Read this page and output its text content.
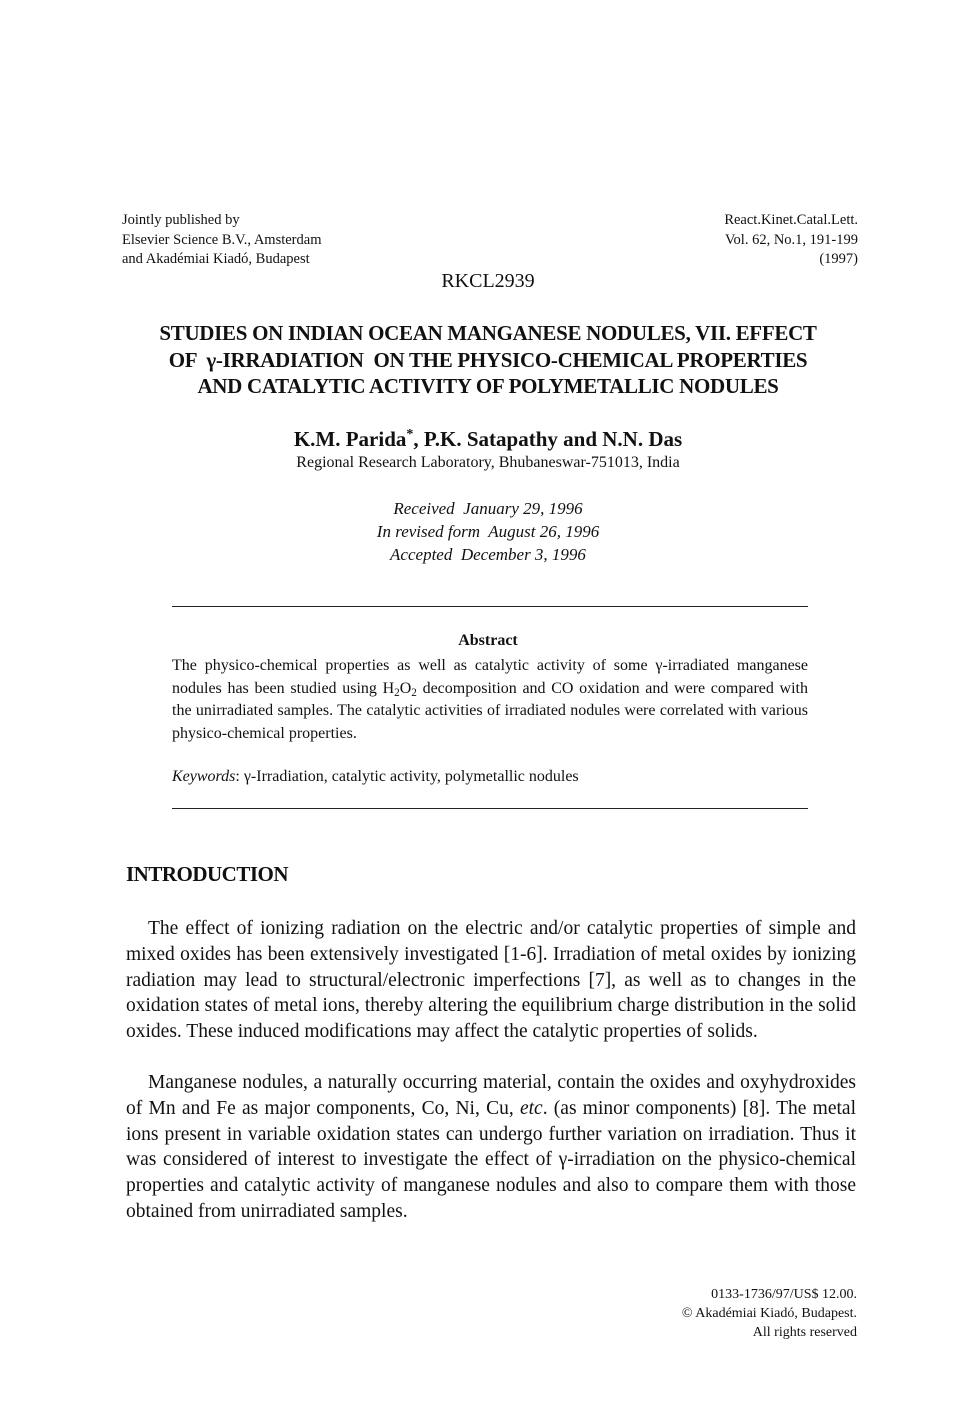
Jointly published by
Elsevier Science B.V., Amsterdam
and Akadémiai Kiadó, Budapest
React.Kinet.Catal.Lett.
Vol. 62, No.1, 191-199
(1997)
RKCL2939
STUDIES ON INDIAN OCEAN MANGANESE NODULES, VII. EFFECT
OF  γ-IRRADIATION  ON THE PHYSICO-CHEMICAL PROPERTIES
AND CATALYTIC ACTIVITY OF POLYMETALLIC NODULES
K.M. Parida*, P.K. Satapathy and N.N. Das
Regional Research Laboratory, Bhubaneswar-751013, India
Received  January 29, 1996
In revised form  August 26, 1996
Accepted  December 3, 1996
Abstract
The physico-chemical properties as well as catalytic activity of some γ-irradiated manganese nodules has been studied using $H_2O_2$ decomposition and CO oxidation and were compared with the unirradiated samples. The catalytic activities of irradiated nodules were correlated with various physico-chemical properties.
Keywords: γ-Irradiation, catalytic activity, polymetallic nodules
INTRODUCTION
The effect of ionizing radiation on the electric and/or catalytic properties of simple and mixed oxides has been extensively investigated [1-6]. Irradiation of metal oxides by ionizing radiation may lead to structural/electronic imperfections [7], as well as to changes in the oxidation states of metal ions, thereby altering the equilibrium charge distribution in the solid oxides. These induced modifications may affect the catalytic properties of solids.
Manganese nodules, a naturally occurring material, contain the oxides and oxyhydroxides of Mn and Fe as major components, Co, Ni, Cu, etc. (as minor components) [8]. The metal ions present in variable oxidation states can undergo further variation on irradiation. Thus it was considered of interest to investigate the effect of γ-irradiation on the physico-chemical properties and catalytic activity of manganese nodules and also to compare them with those obtained from unirradiated samples.
0133-1736/97/US$ 12.00.
© Akadémiai Kiadó, Budapest.
All rights reserved
